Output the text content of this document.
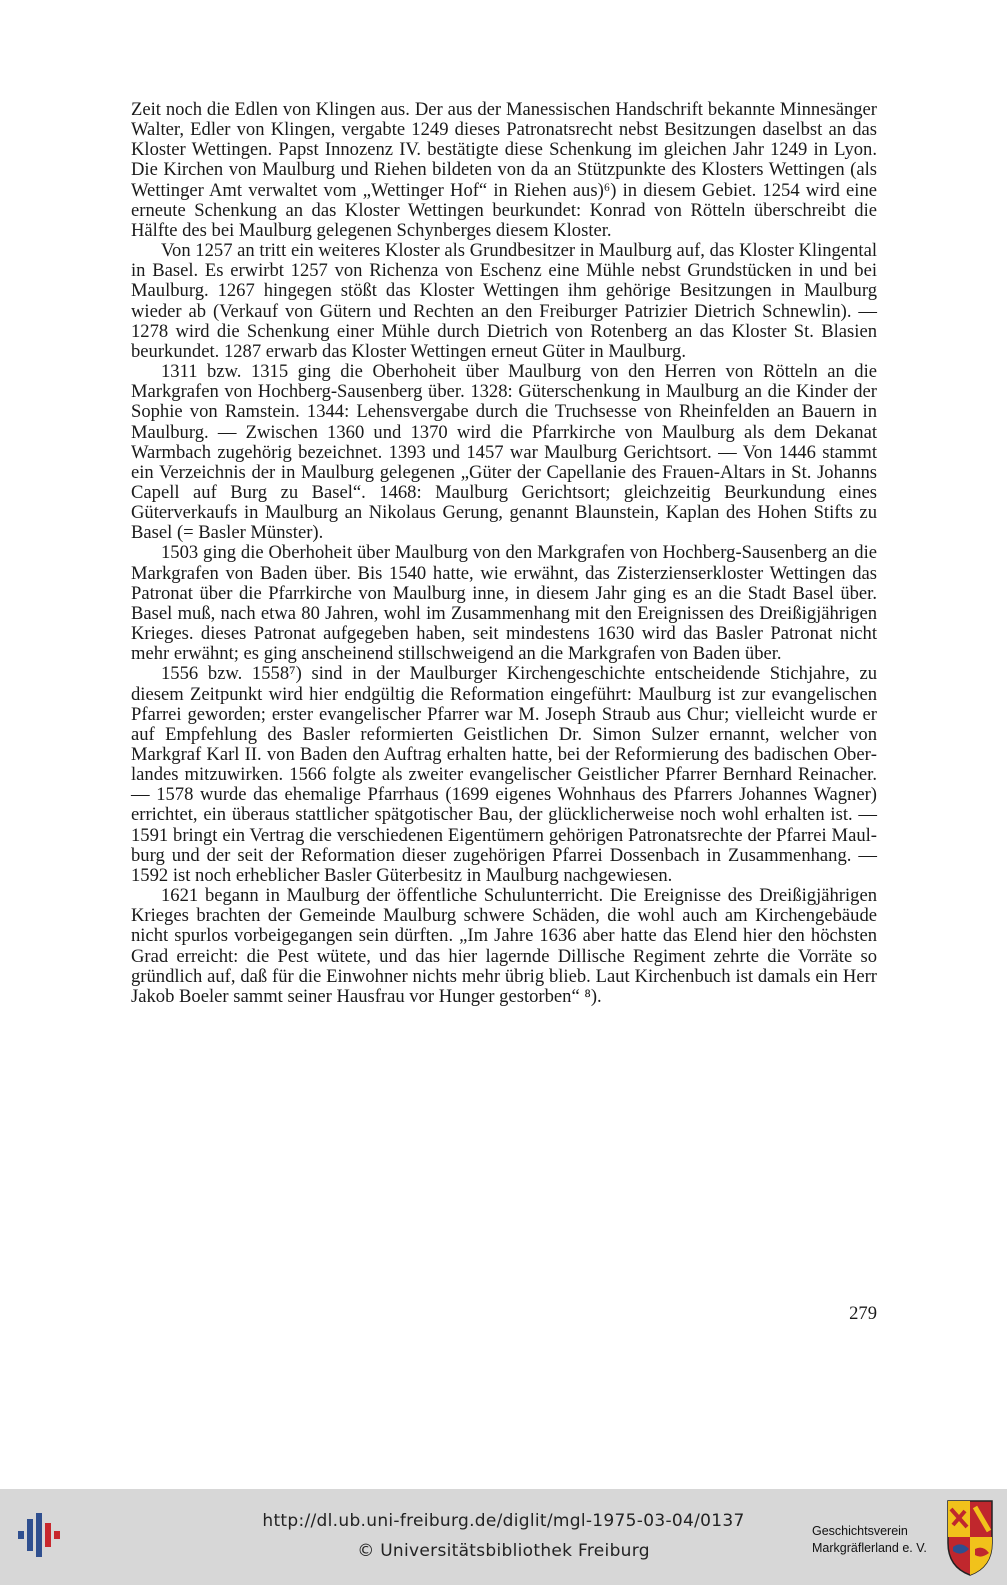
Zeit noch die Edlen von Klingen aus. Der aus der Manessischen Handschrift bekannte Minnesänger Walter, Edler von Klingen, vergabte 1249 dieses Patronatsrecht nebst Besitzungen daselbst an das Kloster Wettingen. Papst Innozenz IV. bestätigte diese Schenkung im gleichen Jahr 1249 in Lyon. Die Kirchen von Maulburg und Riehen bildeten von da an Stützpunkte des Klosters Wettingen (als Wettinger Amt verwaltet vom „Wettinger Hof“ in Riehen aus)⁶) in diesem Gebiet. 1254 wird eine erneute Schenkung an das Kloster Wettingen beurkundet: Konrad von Rötteln überschreibt die Hälfte des bei Maulburg gelegenen Schynberges diesem Kloster.

Von 1257 an tritt ein weiteres Kloster als Grundbesitzer in Maulburg auf, das Kloster Klingental in Basel. Es erwirbt 1257 von Richenza von Eschenz eine Mühle nebst Grundstücken in und bei Maulburg. 1267 hingegen stößt das Kloster Wettingen ihm gehörige Besitzungen in Maulburg wieder ab (Verkauf von Gütern und Rechten an den Freiburger Patrizier Dietrich Schnewlin). — 1278 wird die Schenkung einer Mühle durch Dietrich von Rotenberg an das Kloster St. Blasien beurkundet. 1287 erwarb das Kloster Wettingen erneut Güter in Maulburg.

1311 bzw. 1315 ging die Oberhoheit über Maulburg von den Herren von Rötteln an die Markgrafen von Hochberg-Sausenberg über. 1328: Güterschenkung in Maulburg an die Kinder der Sophie von Ramstein. 1344: Lehensvergabe durch die Truchsesse von Rheinfelden an Bauern in Maulburg. — Zwischen 1360 und 1370 wird die Pfarrkirche von Maulburg als dem Dekanat Warmbach zugehörig bezeichnet. 1393 und 1457 war Maulburg Gerichtsort. — Von 1446 stammt ein Verzeichnis der in Maulburg gelegenen „Güter der Capellanie des Frauen-Altars in St. Johanns Capell auf Burg zu Basel“. 1468: Maulburg Gerichtsort; gleichzeitig Beurkundung eines Güterverkaufs in Maulburg an Nikolaus Gerung, genannt Blaunstein, Kaplan des Hohen Stifts zu Basel (= Basler Münster).

1503 ging die Oberhoheit über Maulburg von den Markgrafen von Hochberg-Sausenberg an die Markgrafen von Baden über. Bis 1540 hatte, wie erwähnt, das Zisterzienserkloster Wettingen das Patronat über die Pfarrkirche von Maulburg inne, in diesem Jahr ging es an die Stadt Basel über. Basel muß, nach etwa 80 Jahren, wohl im Zusammenhang mit den Ereignissen des Dreißigjährigen Krieges. dieses Patronat aufgegeben haben, seit mindestens 1630 wird das Basler Patronat nicht mehr erwähnt; es ging anscheinend stillschweigend an die Markgrafen von Baden über.

1556 bzw. 1558⁷) sind in der Maulburger Kirchengeschichte entscheidende Stichjahre, zu diesem Zeitpunkt wird hier endgültig die Reformation eingeführt: Maulburg ist zur evangelischen Pfarrei geworden; erster evangelischer Pfarrer war M. Joseph Straub aus Chur; vielleicht wurde er auf Empfehlung des Basler reformierten Geistlichen Dr. Simon Sulzer ernannt, welcher von Markgraf Karl II. von Baden den Auftrag erhalten hatte, bei der Reformierung des badischen Oberlandes mitzuwirken. 1566 folgte als zweiter evangelischer Geistlicher Pfarrer Bernhard Reinacher. — 1578 wurde das ehemalige Pfarrhaus (1699 eigenes Wohnhaus des Pfarrers Johannes Wagner) errichtet, ein überaus stattlicher spätgotischer Bau, der glücklicherweise noch wohl erhalten ist. — 1591 bringt ein Vertrag die verschiedenen Eigentümern gehörigen Patronatsrechte der Pfarrei Maulburg und der seit der Reformation dieser zugehörigen Pfarrei Dossenbach in Zusammenhang. — 1592 ist noch erheblicher Basler Güterbesitz in Maulburg nachgewiesen.

1621 begann in Maulburg der öffentliche Schulunterricht. Die Ereignisse des Dreißigjährigen Krieges brachten der Gemeinde Maulburg schwere Schäden, die wohl auch am Kirchengebäude nicht spurlos vorbeigegangen sein dürften. „Im Jahre 1636 aber hatte das Elend hier den höchsten Grad erreicht: die Pest wütete, und das hier lagernde Dillische Regiment zehrte die Vorräte so gründlich auf, daß für die Einwohner nichts mehr übrig blieb. Laut Kirchenbuch ist damals ein Herr Jakob Boeler sammt seiner Hausfrau vor Hunger gestorben“ ⁸).

279
http://dl.ub.uni-freiburg.de/diglit/mgl-1975-03-04/0137
© Universitätsbibliothek Freiburg
Geschichtsverein
Markgräflerland e. V.
